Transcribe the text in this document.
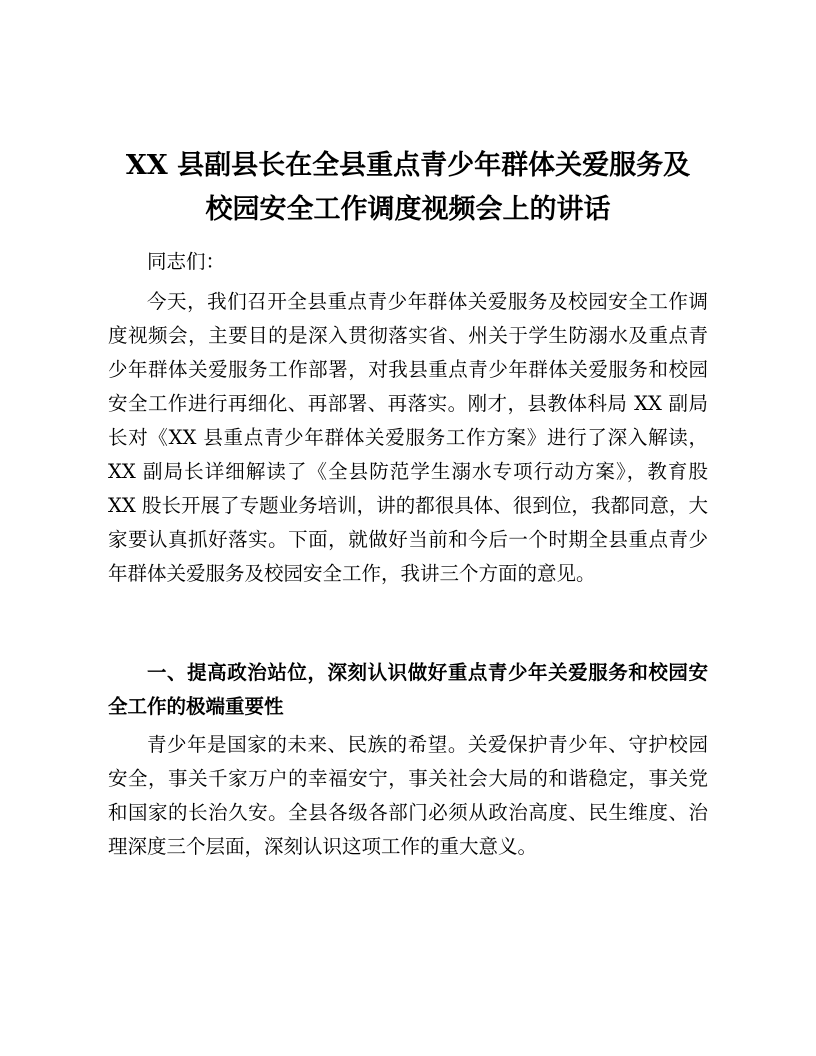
XX 县副县长在全县重点青少年群体关爱服务及
校园安全工作调度视频会上的讲话

同志们：

今天，我们召开全县重点青少年群体关爱服务及校园安全工作调度视频会，主要目的是深入贯彻落实省、州关于学生防溺水及重点青少年群体关爱服务工作部署，对我县重点青少年群体关爱服务和校园安全工作进行再细化、再部署、再落实。刚才，县教体科局 XX 副局长对《XX 县重点青少年群体关爱服务工作方案》进行了深入解读，XX 副局长详细解读了《全县防范学生溺水专项行动方案》，教育股 XX 股长开展了专题业务培训，讲的都很具体、很到位，我都同意，大家要认真抓好落实。下面，就做好当前和今后一个时期全县重点青少年群体关爱服务及校园安全工作，我讲三个方面的意见。

一、提高政治站位，深刻认识做好重点青少年关爱服务和校园安全工作的极端重要性

青少年是国家的未来、民族的希望。关爱保护青少年、守护校园安全，事关千家万户的幸福安宁，事关社会大局的和谐稳定，事关党和国家的长治久安。全县各级各部门必须从政治高度、民生维度、治理深度三个层面，深刻认识这项工作的重大意义。
